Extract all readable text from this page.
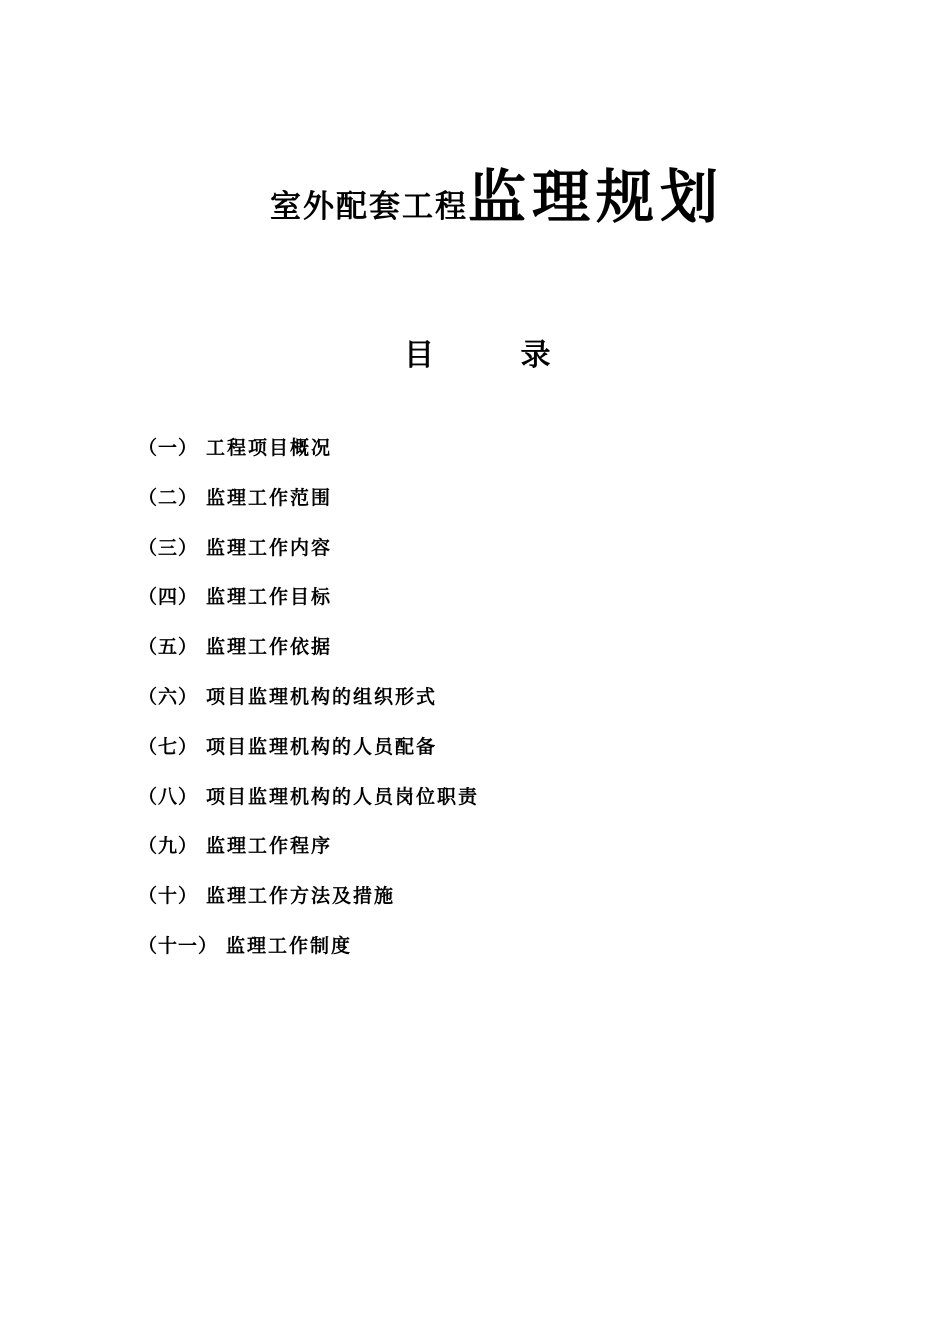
室外配套工程监理规划
目 录
（一） 工程项目概况
（二） 监理工作范围
（三） 监理工作内容
（四） 监理工作目标
（五） 监理工作依据
（六） 项目监理机构的组织形式
（七） 项目监理机构的人员配备
（八） 项目监理机构的人员岗位职责
（九） 监理工作程序
（十） 监理工作方法及措施
（十一） 监理工作制度
